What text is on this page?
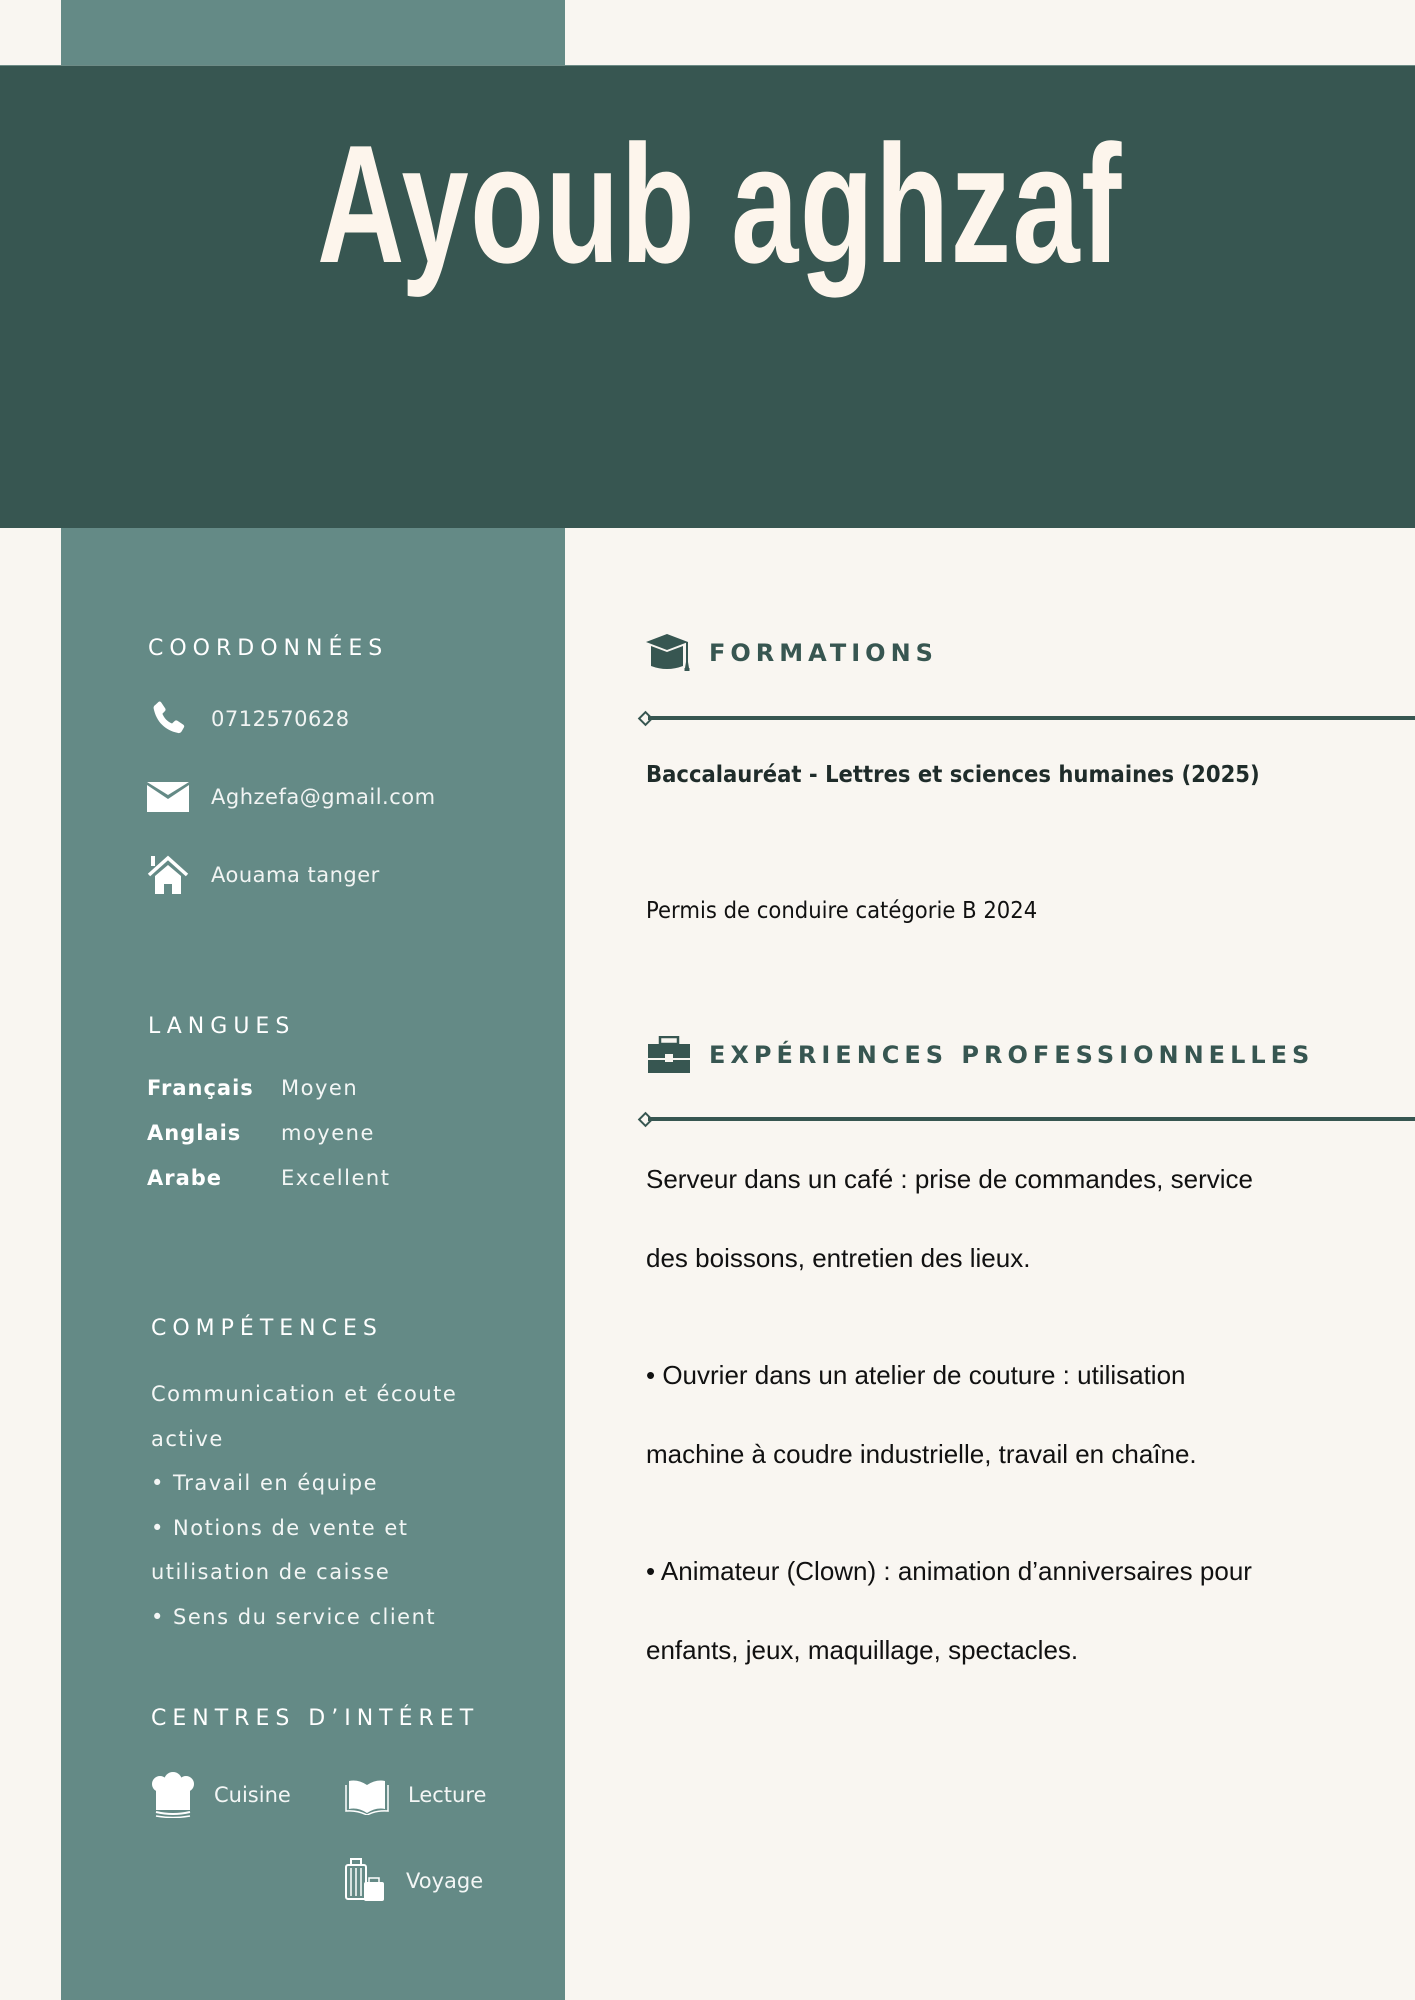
Ayoub aghzaf
COORDONNÉES
0712570628
Aghzefa@gmail.com
Aouama tanger
LANGUES
Français Moyen
Anglais moyene
Arabe	Excellent
COMPÉTENCES
Communication et écoute
active
• Travail en équipe
• Notions de vente et
utilisation de caisse
• Sens du service client
CENTRES D’INTÉRET
Cuisine	Lecture
Voyage
FORMATIONS
Baccalauréat - Lettres et sciences humaines (2025)
Permis de conduire catégorie B 2024
EXPÉRIENCES PROFESSIONNELLES
Serveur dans un café : prise de commandes, service
des boissons, entretien des lieux.
• Ouvrier dans un atelier de couture : utilisation
machine à coudre industrielle, travail en chaîne.
• Animateur (Clown) : animation d’anniversaires pour
enfants, jeux, maquillage, spectacles.
